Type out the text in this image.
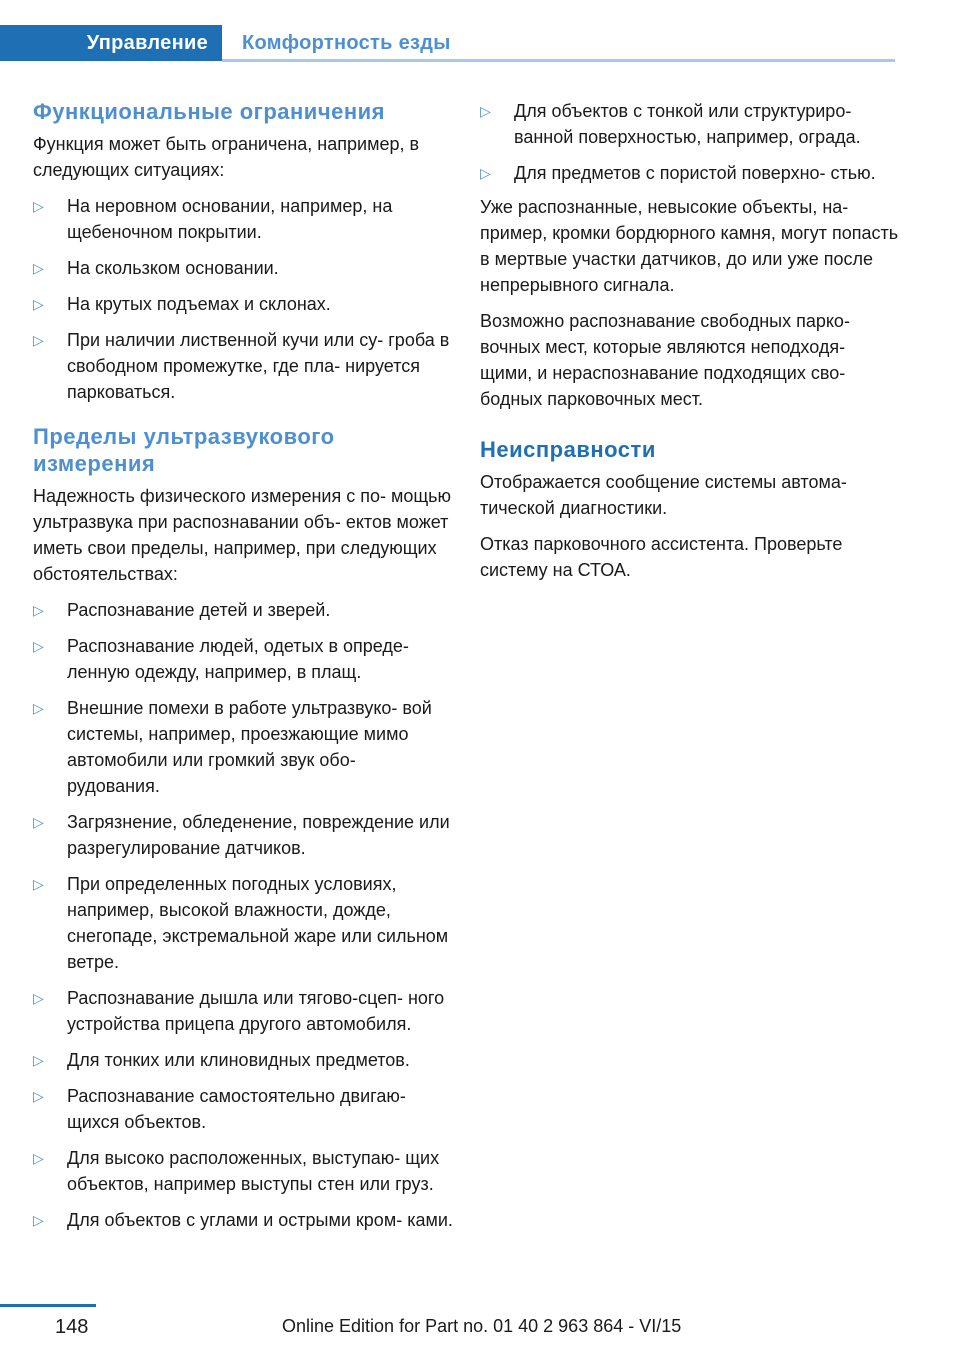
Управление	Комфортность езды
Функциональные ограничения

Функция может быть ограничена, например, в следующих ситуациях:

▷ На неровном основании, например, на щебеночном покрытии.
▷ На скользком основании.
▷ На крутых подъемах и склонах.
▷ При наличии лиственной кучи или су‐ гроба в свободном промежутке, где пла‐ нируется парковаться.
Пределы ультразвукового измерения

Надежность физического измерения с по‐ мощью ультразвука при распознавании объ‐ ектов может иметь свои пределы, например, при следующих обстоятельствах:

▷ Распознавание детей и зверей.
▷ Распознавание людей, одетых в опреде‐ ленную одежду, например, в плащ.
▷ Внешние помехи в работе ультразвуко‐ вой системы, например, проезжающие мимо автомобили или громкий звук обо‐ рудования.
▷ Загрязнение, обледенение, повреждение или разрегулирование датчиков.
▷ При определенных погодных условиях, например, высокой влажности, дожде, снегопаде, экстремальной жаре или сильном ветре.
▷ Распознавание дышла или тягово-сцеп‐ ного устройства прицепа другого автомобиля.
▷ Для тонких или клиновидных предметов.
▷ Распознавание самостоятельно двигаю‐ щихся объектов.
▷ Для высоко расположенных, выступаю‐ щих объектов, например выступы стен или груз.
▷ Для объектов с углами и острыми кром‐ ками.
▷ Для объектов с тонкой или структуриро‐ ванной поверхностью, например, ограда.
▷ Для предметов с пористой поверхно‐ стью.

Уже распознанные, невысокие объекты, на‐ пример, кромки бордюрного камня, могут попасть в мертвые участки датчиков, до или уже после непрерывного сигнала.

Возможно распознавание свободных парко‐ вочных мест, которые являются неподходя‐ щими, и нераспознавание подходящих сво‐ бодных парковочных мест.

Неисправности

Отображается сообщение системы автома‐ тической диагностики.

Отказ парковочного ассистента. Проверьте систему на СТОА.

148	Online Edition for Part no. 01 40 2 963 864 - VI/15
